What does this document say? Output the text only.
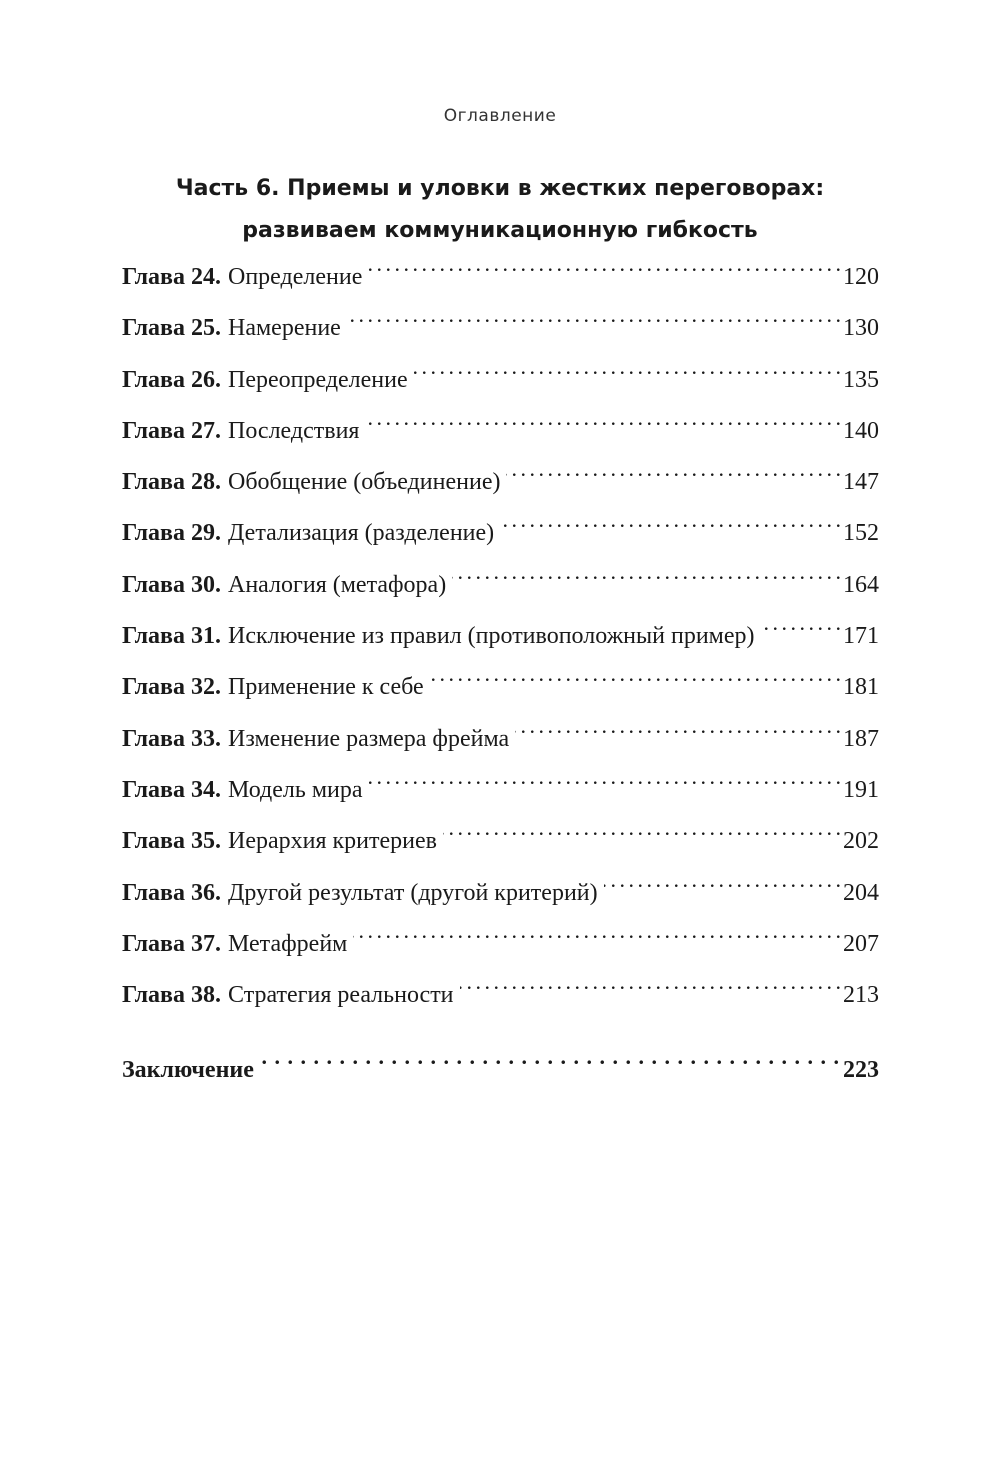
Оглавление
Часть 6. Приемы и уловки в жестких переговорах:
развиваем коммуникационную гибкость
Глава 24. Определение . . .	120
Глава 25. Намерение . . .	130
Глава 26. Переопределение . . .	135
Глава 27. Последствия . . .	140
Глава 28. Обобщение (объединение) . . .	147
Глава 29. Детализация (разделение) . . .	152
Глава 30. Аналогия (метафора) . . .	164
Глава 31. Исключение из правил (противоположный пример) . . .	171
Глава 32. Применение к себе . . .	181
Глава 33. Изменение размера фрейма . . .	187
Глава 34. Модель мира . . .	191
Глава 35. Иерархия критериев . . .	202
Глава 36. Другой результат (другой критерий) . . .	204
Глава 37. Метафрейм . . .	207
Глава 38. Стратегия реальности . . .	213
Заключение . . .	223
